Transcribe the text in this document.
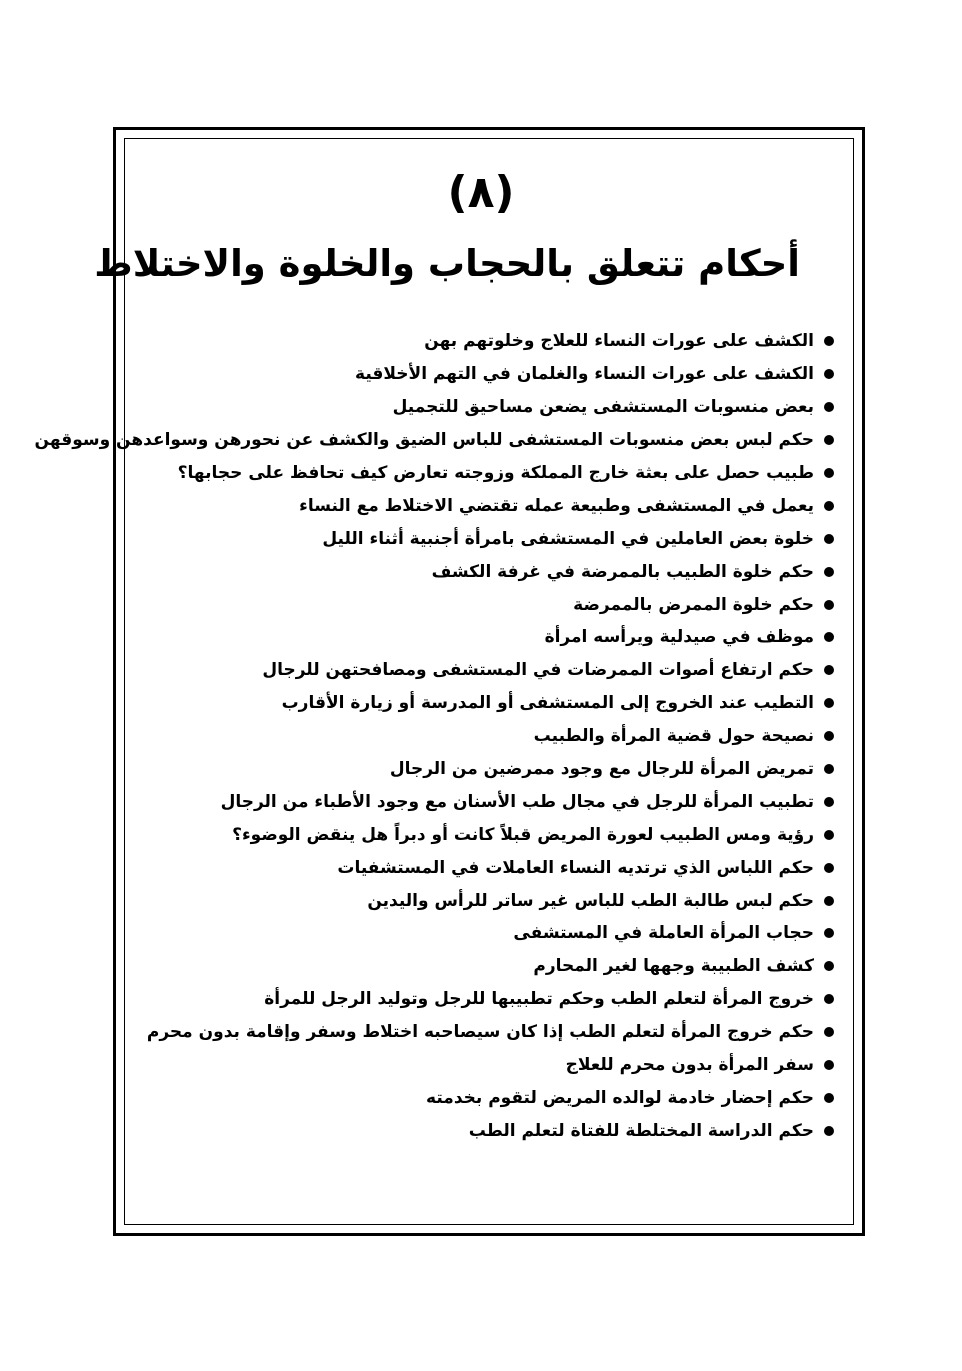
(٨)
أحكام تتعلق بالحجاب والخلوة والاختلاط
الكشف على عورات النساء للعلاج وخلوتهم بهن
الكشف على عورات النساء والغلمان في التهم الأخلاقية
بعض منسوبات المستشفى يضعن مساحيق للتجميل
حكم لبس بعض منسوبات المستشفى للباس الضيق والكشف عن نحورهن وسواعدهن وسوقهن
طبيب حصل على بعثة خارج المملكة وزوجته تعارض كيف تحافظ على حجابها؟
يعمل في المستشفى وطبيعة عمله تقتضي الاختلاط مع النساء
خلوة بعض العاملين في المستشفى بامرأة أجنبية أثناء الليل
حكم خلوة الطبيب بالممرضة في غرفة الكشف
حكم خلوة الممرض بالممرضة
موظف في صيدلية ويرأسه امرأة
حكم ارتفاع أصوات الممرضات في المستشفى ومصافحتهن للرجال
التطيب عند الخروج إلى المستشفى أو المدرسة أو زيارة الأقارب
نصيحة حول قضية المرأة والطبيب
تمريض المرأة للرجال مع وجود ممرضين من الرجال
تطبيب المرأة للرجل في مجال طب الأسنان مع وجود الأطباء من الرجال
رؤية ومس الطبيب لعورة المريض قبلاً كانت أو دبراً هل ينقض الوضوء؟
حكم اللباس الذي ترتديه النساء العاملات في المستشفيات
حكم لبس طالبة الطب للباس غير ساتر للرأس واليدين
حجاب المرأة العاملة في المستشفى
كشف الطبيبة وجهها لغير المحارم
خروج المرأة لتعلم الطب وحكم تطبيبها للرجل وتوليد الرجل للمرأة
حكم خروج المرأة لتعلم الطب إذا كان سيصاحبه اختلاط وسفر وإقامة بدون محرم
سفر المرأة بدون محرم للعلاج
حكم إحضار خادمة لوالده المريض لتقوم بخدمته
حكم الدراسة المختلطة للفتاة لتعلم الطب
